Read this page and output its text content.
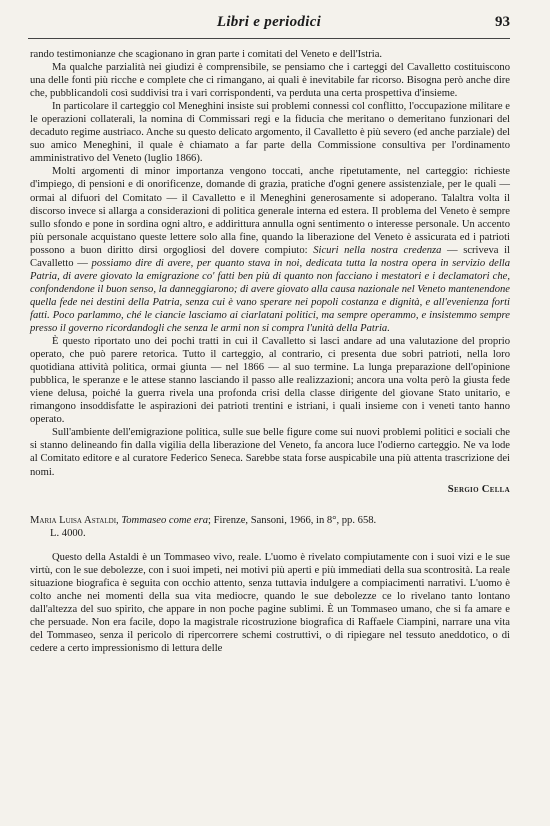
Libri e periodici	93

rando testimonianze che scagionano in gran parte i comitati del Veneto e dell'Istria.

Ma qualche parzialità nei giudizi è comprensibile, se pensiamo che i carteggi del Cavalletto costituiscono una delle fonti più ricche e complete che ci rimangano, ai quali è inevitabile far ricorso. Bisogna però anche dire che, pubblicandoli così suddivisi tra i vari corrispondenti, va perduta una certa prospettiva d'insieme.

In particolare il carteggio col Meneghini insiste sui problemi connessi col conflitto, l'occupazione militare e le operazioni collaterali, la nomina di Commissari regi e la fiducia che meritano o demeritano funzionari del decaduto regime austriaco. Anche su questo delicato argomento, il Cavalletto è più severo (ed anche parziale) del suo amico Meneghini, il quale è chiamato a far parte della Commissione consultiva per l'ordinamento amministrativo del Veneto (luglio 1866).

Molti argomenti di minor importanza vengono toccati, anche ripetutamente, nel carteggio: richieste d'impiego, di pensioni e di onorificenze, domande di grazia, pratiche d'ogni genere assistenziale, per le quali — ormai al difuori del Comitato — il Cavalletto e il Meneghini generosamente si adoperano. Talaltra volta il discorso invece si allarga a considerazioni di politica generale interna ed estera. Il problema del Veneto è sempre sullo sfondo e pone in sordina ogni altro, e addirittura annulla ogni sentimento o interesse personale. Un accento più personale acquistano queste lettere solo alla fine, quando la liberazione del Veneto è assicurata ed i patrioti possono a buon diritto dirsi orgogliosi del dovere compiuto: Sicuri nella nostra credenza — scriveva il Cavalletto — possiamo dire di avere, per quanto stava in noi, dedicata tutta la nostra opera in servizio della Patria, di avere giovato la emigrazione co' fatti ben più di quanto non facciano i mestatori e i declamatori che, confondendone il buon senso, la danneggiarono; di avere giovato alla causa nazionale nel Veneto mantenendone quella fede nei destini della Patria, senza cui è vano sperare nei popoli costanza e dignità, e all'evenienza forti fatti. Poco parlammo, ché le ciancie lasciamo ai ciarlatani politici, ma sempre operammo, e insistemmo sempre presso il governo ricordandogli che senza le armi non si compra l'unità della Patria.

È questo riportato uno dei pochi tratti in cui il Cavalletto si lasci andare ad una valutazione del proprio operato, che può parere retorica. Tutto il carteggio, al contrario, ci presenta due sobri patrioti, nella loro quotidiana attività politica, ormai giunta — nel 1866 — al suo termine. La lunga preparazione dell'opinione pubblica, le speranze e le attese stanno lasciando il passo alle realizzazioni; ancora una volta però la giusta fede viene delusa, poiché la guerra rivela una profonda crisi della classe dirigente del giovane Stato unitario, e rimangono insoddisfatte le aspirazioni dei patrioti trentini e istriani, i quali insieme con i veneti tanto hanno operato.

Sull'ambiente dell'emigrazione politica, sulle sue belle figure come sui nuovi problemi politici e sociali che si stanno delineando fin dalla vigilia della liberazione del Veneto, fa ancora luce l'odierno carteggio. Ne va lode al Comitato editore e al curatore Federico Seneca. Sarebbe stata forse auspicabile una più attenta trascrizione dei nomi.

Sergio Cella
Maria Luisa Astaldi, Tommaseo come era; Firenze, Sansoni, 1966, in 8°, pp. 658.
L. 4000.

Questo della Astaldi è un Tommaseo vivo, reale. L'uomo è rivelato compiutamente con i suoi vizi e le sue virtù, con le sue debolezze, con i suoi impeti, nei motivi più aperti e più immediati della sua scontrosità. La reale situazione biografica è seguita con occhio attento, senza tuttavia indulgere a compiacimenti narrativi. L'uomo è colto anche nei momenti della sua vita mediocre, quando le sue debolezze ce lo rivelano tanto lontano dall'altezza del suo spirito, che appare in non poche pagine sublimi. È un Tommaseo umano, che si fa amare e che persuade. Non era facile, dopo la magistrale ricostruzione biografica di Raffaele Ciampini, narrare una vita del Tommaseo, senza il pericolo di ripercorrere schemi costruttivi, o di ripiegare nel tessuto aneddotico, o di cedere a certo impressionismo di lettura delle
